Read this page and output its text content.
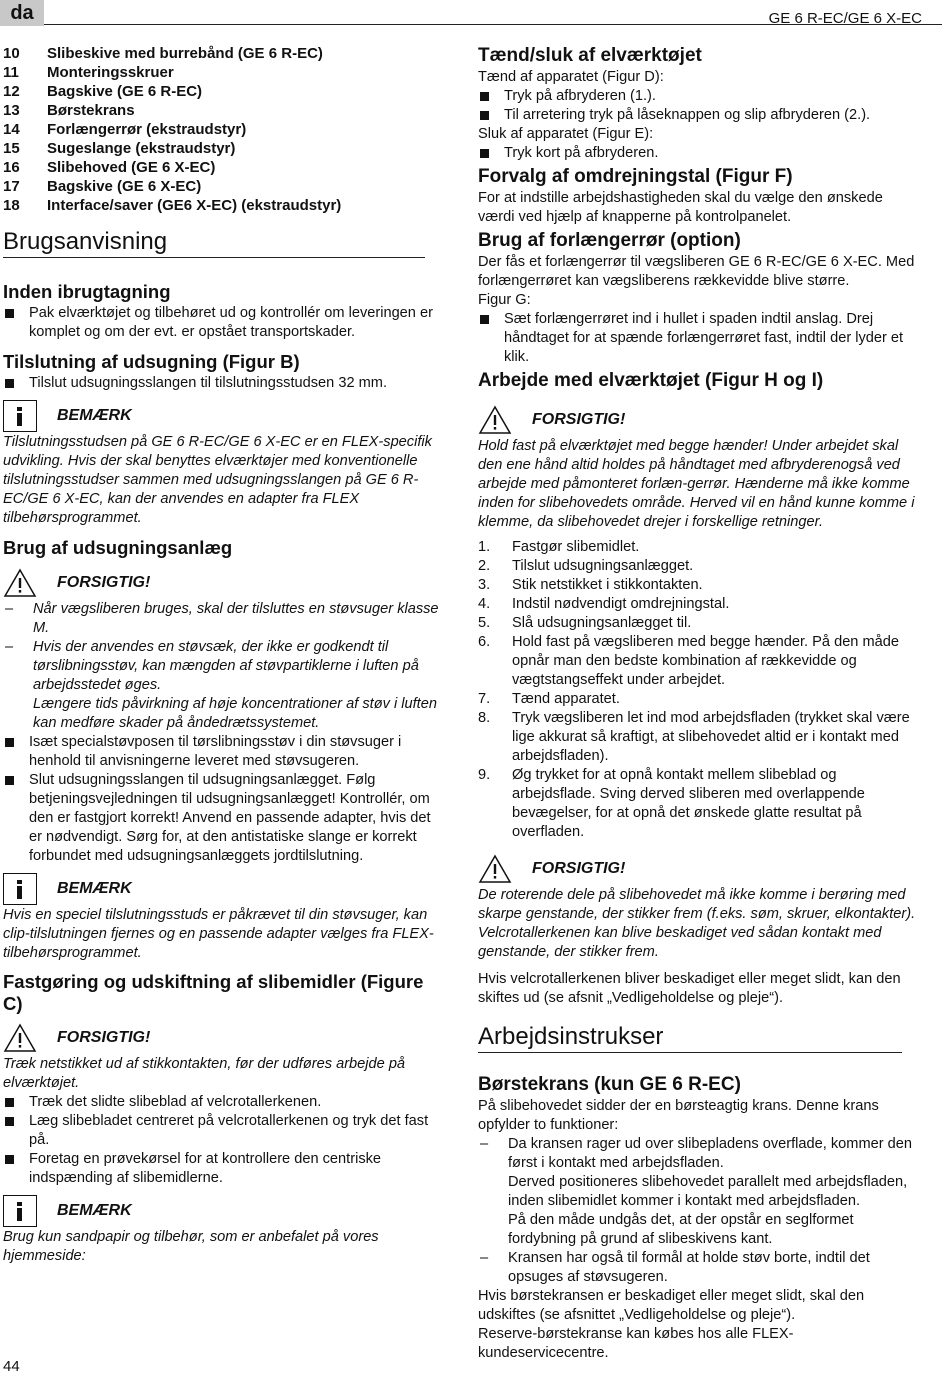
da	GE 6 R-EC/GE 6 X-EC
10	Slibeskive med burrebånd (GE 6 R-EC)
11	Monteringsskruer
12	Bagskive (GE 6 R-EC)
13	Børstekrans
14	Forlængerrør (ekstraudstyr)
15	Sugeslange (ekstraudstyr)
16	Slibehoved (GE 6 X-EC)
17	Bagskive (GE 6 X-EC)
18	Interface/saver (GE6 X-EC) (ekstraudstyr)
Brugsanvisning
Inden ibrugtagning

Pak elværktøjet og tilbehøret ud og kontrollér om leveringen er komplet og om der evt. er opstået transportskader.

Tilslutning af udsugning (Figur B)

Tilslut udsugningsslangen til tilslutningsstudsen 32 mm.

BEMÆRK

Tilslutningsstudsen på GE 6 R-EC/GE 6 X-EC er en FLEX-specifik udvikling. Hvis der skal benyttes elværktøjer med konventionelle tilslutningsstudser sammen med udsugningsslangen på GE 6 R-EC/GE 6 X-EC, kan der anvendes en adapter fra FLEX tilbehørsprogrammet.

Brug af udsugningsanlæg
FORSIGTIG!

– Når vægsliberen bruges, skal der tilsluttes en støvsuger klasse M.

– Hvis der anvendes en støvsæk, der ikke er godkendt til tørslibningsstøv, kan mængden af støvpartiklerne i luften på arbejdsstedet øges.

Længere tids påvirkning af høje koncentrationer af støv i luften kan medføre skader på åndedrætssystemet.

Isæt specialstøvposen til tørslibningsstøv i din støvsuger i henhold til anvisningerne leveret med støvsugeren.

Slut udsugningsslangen til udsugningsanlægget. Følg betjeningsvejledningen til udsugningsanlægget! Kontrollér, om den er fastgjort korrekt! Anvend en passende adapter, hvis det er nødvendigt. Sørg for, at den antistatiske slange er korrekt forbundet med udsugningsanlæggets jordtilslutning.

BEMÆRK

Hvis en speciel tilslutningsstuds er påkrævet til din støvsuger, kan clip-tilslutningen fjernes og en passende adapter vælges fra FLEX-tilbehørsprogrammet.

Fastgøring og udskiftning af slibemidler (Figure C)
FORSIGTIG!

Træk netstikket ud af stikkontakten, før der udføres arbejde på elværktøjet.

Træk det slidte slibeblad af velcrotallerkenen.

Læg slibebladet centreret på velcrotallerkenen og tryk det fast på.

Foretag en prøvekørsel for at kontrollere den centriske indspænding af slibemidlerne.

BEMÆRK

Brug kun sandpapir og tilbehør, som er anbefalet på vores hjemmeside:

Tænd/sluk af elværktøjet

Tænd af apparatet (Figur D):

Tryk på afbryderen (1.).

Til arretering tryk på låseknappen og slip afbryderen (2.).

Sluk af apparatet (Figur E):

Tryk kort på afbryderen.

Forvalg af omdrejningstal (Figur F)

For at indstille arbejdshastigheden skal du vælge den ønskede værdi ved hjælp af knapperne på kontrolpanelet.

Brug af forlængerrør (option)

Der fås et forlængerrør til vægsliberen GE 6 R-EC/GE 6 X-EC. Med forlængerrøret kan vægsliberens rækkevidde blive større.

Figur G:

Sæt forlængerrøret ind i hullet i spaden indtil anslag. Drej håndtaget for at spænde forlængerrøret fast, indtil der lyder et klik.

Arbejde med elværktøjet (Figur H og I)
FORSIGTIG!

Hold fast på elværktøjet med begge hænder! Under arbejdet skal den ene hånd altid holdes på håndtaget med afbryderenogså ved arbejde med påmonteret forlæn-gerrør. Hænderne må ikke komme inden for slibehovedets område. Herved vil en hånd kunne komme i klemme, da slibehovedet drejer i forskellige retninger.

1.	Fastgør slibemidlet.
2.	Tilslut udsugningsanlægget.
3.	Stik netstikket i stikkontakten.
4.	Indstil nødvendigt omdrejningstal.
5.	Slå udsugningsanlægget til.
6.	Hold fast på vægsliberen med begge hænder. På den måde opnår man den bedste kombination af rækkevidde og vægtstangseffekt under arbejdet.
7.	Tænd apparatet.
8.	Tryk vægsliberen let ind mod arbejdsfladen (trykket skal være lige akkurat så kraftigt, at slibehovedet altid er i kontakt med arbejdsfladen).
9.	Øg trykket for at opnå kontakt mellem slibeblad og arbejdsflade. Sving derved sliberen med overlappende bevægelser, for at opnå det ønskede glatte resultat på overfladen.
FORSIGTIG!

De roterende dele på slibehovedet må ikke komme i berøring med skarpe genstande, der stikker frem (f.eks. søm, skruer, elkontakter). Velcrotallerkenen kan blive beskadiget ved sådan kontakt med genstande, der stikker frem.

Hvis velcrotallerkenen bliver beskadiget eller meget slidt, kan den skiftes ud (se afsnit „Vedligeholdelse og pleje“).

Arbejdsinstrukser
Børstekrans (kun GE 6 R-EC)

På slibehovedet sidder der en børsteagtig krans. Denne krans opfylder to funktioner:

– Da kransen rager ud over slibepladens overflade, kommer den først i kontakt med arbejdsfladen.

Derved positioneres slibehovedet parallelt med arbejdsfladen, inden slibemidlet kommer i kontakt med arbejdsfladen.

På den måde undgås det, at der opstår en seglformet fordybning på grund af slibeskivens kant.

– Kransen har også til formål at holde støv borte, indtil det opsuges af støvsugeren.

Hvis børstekransen er beskadiget eller meget slidt, skal den udskiftes (se afsnittet „Vedligeholdelse og pleje“).

Reserve-børstekranse kan købes hos alle FLEX-kundeservicecentre.

44
